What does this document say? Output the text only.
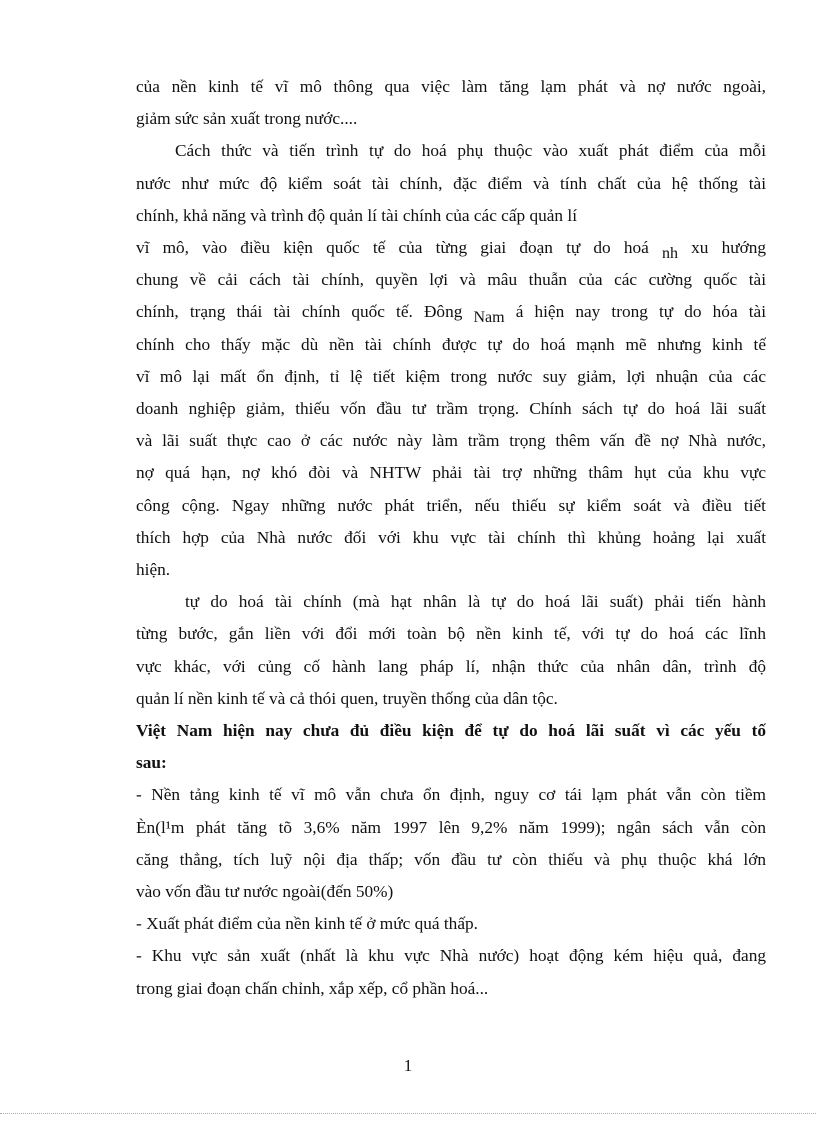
của nền kinh tế vĩ mô thông qua việc làm tăng lạm phát và nợ nước ngoài,
giảm sức sản xuất trong nước....
Cách thức và tiến trình tự do hoá phụ thuộc vào xuất phát điểm của mỗi
nước như mức độ kiểm soát tài chính, đặc điểm và tính chất của hệ thống tài
chính, khả năng và trình độ quản lí tài chính của các cấp quản lí
vĩ mô, vào điều kiện quốc tế của từng giai đoạn tự do hoá nh xu hướng
chung về cải cách tài chính, quyền lợi và mâu thuẫn của các cường quốc tài
chính, trạng thái tài chính quốc tế. Đông Nam á hiện nay trong tự do hóa tài
chính cho thấy mặc dù nền tài chính được tự do hoá mạnh mẽ nhưng kinh tế
vĩ mô lại mất ổn định, tỉ lệ tiết kiệm trong nước suy giảm, lợi nhuận của các
doanh nghiệp giảm, thiếu vốn đầu tư trầm trọng. Chính sách tự do hoá lãi suất
và lãi suất thực cao ở các nước này làm trầm trọng thêm vấn đề nợ Nhà nước,
nợ quá hạn, nợ khó đòi và NHTW phải tài trợ những thâm hụt của khu vực
công cộng. Ngay những nước phát triển, nếu thiếu sự kiểm soát và điều tiết
thích hợp của Nhà nước đối với khu vực tài chính thì khủng hoảng lại xuất
hiện.
tự do hoá tài chính (mà hạt nhân là tự do hoá lãi suất) phải tiến hành
từng bước, gắn liền với đổi mới toàn bộ nền kinh tế, với tự do hoá các lĩnh
vực khác, với củng cố hành lang pháp lí, nhận thức của nhân dân, trình độ
quản lí nền kinh tế và cả thói quen, truyền thống của dân tộc.
Việt Nam hiện nay chưa đủ điều kiện để tự do hoá lãi suất vì các yếu tố
sau:
- Nền tảng kinh tế vĩ mô vẫn chưa ổn định, nguy cơ tái lạm phát vẫn còn tiềm
Èn(l¹m phát tăng tõ 3,6% năm 1997 lên 9,2% năm 1999); ngân sách vẫn còn
căng thẳng, tích luỹ nội địa thấp; vốn đầu tư còn thiếu và phụ thuộc khá lớn
vào vốn đầu tư nước ngoài(đến 50%)
- Xuất phát điểm của nền kinh tế ở mức quá thấp.
- Khu vực sản xuất (nhất là khu vực Nhà nước) hoạt động kém hiệu quả, đang
trong giai đoạn chấn chỉnh, xắp xếp, cổ phần hoá...
1
